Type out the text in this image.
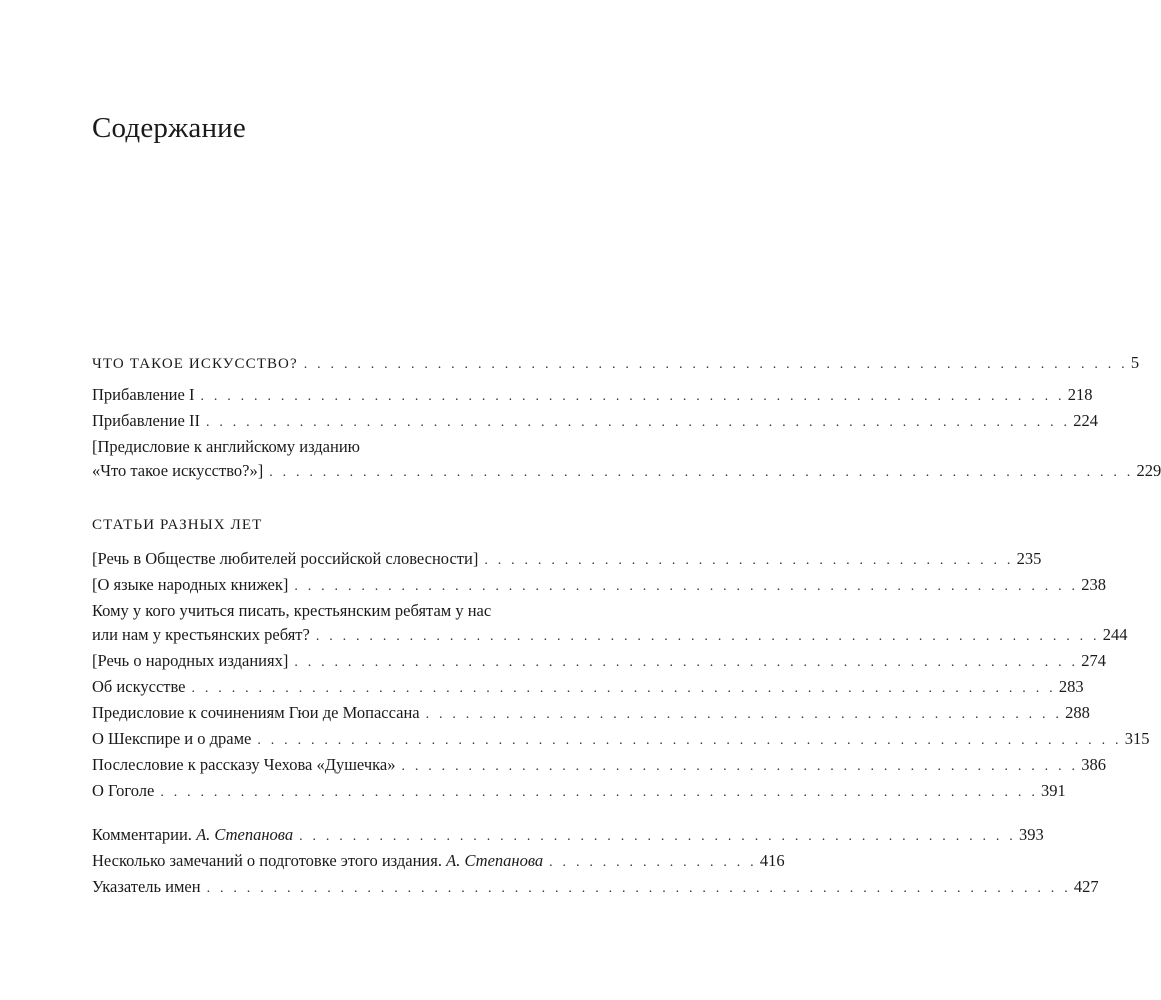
Содержание
ЧТО ТАКОЕ ИСКУССТВО? . . . . . . . . . . . . . . . . . . . . . . . . . . . . . . . . . . . . . . . . . . . . . . . . . . . . . . . . . . . . . . 5
Прибавление I . . . . . . . . . . . . . . . . . . . . . . . . . . . . . . . . . . . . . . . . . . . . . . . . . . . . . . . . . . . . . . . . . 218
Прибавление II . . . . . . . . . . . . . . . . . . . . . . . . . . . . . . . . . . . . . . . . . . . . . . . . . . . . . . . . . . . . . . . . . 224
[Предисловие к английскому изданию
«Что такое искусство?»] . . . . . . . . . . . . . . . . . . . . . . . . . . . . . . . . . . . . . . . . . . . . . . . . . . . . . . . . . . . . . . . . . 229
СТАТЬИ РАЗНЫХ ЛЕТ
[Речь в Обществе любителей российской словесности] . . . . . . . . . . . . . . . . . . . . . . . . . . . . . . . . . . . . . . . . 235
[О языке народных книжек] . . . . . . . . . . . . . . . . . . . . . . . . . . . . . . . . . . . . . . . . . . . . . . . . . . . . . . . . . . . 238
Кому у кого учиться писать, крестьянским ребятам у нас
или нам у крестьянских ребят? . . . . . . . . . . . . . . . . . . . . . . . . . . . . . . . . . . . . . . . . . . . . . . . . . . . . . . . . . . . 244
[Речь о народных изданиях] . . . . . . . . . . . . . . . . . . . . . . . . . . . . . . . . . . . . . . . . . . . . . . . . . . . . . . . . . . . 274
Об искусстве . . . . . . . . . . . . . . . . . . . . . . . . . . . . . . . . . . . . . . . . . . . . . . . . . . . . . . . . . . . . . . . . . 283
Предисловие к сочинениям Гюи де Мопассана . . . . . . . . . . . . . . . . . . . . . . . . . . . . . . . . . . . . . . . . . . . . . . . . 288
О Шекспире и о драме . . . . . . . . . . . . . . . . . . . . . . . . . . . . . . . . . . . . . . . . . . . . . . . . . . . . . . . . . . . . . . . . . 315
Послесловие к рассказу Чехова «Душечка» . . . . . . . . . . . . . . . . . . . . . . . . . . . . . . . . . . . . . . . . . . . . . . . . . . . 386
О Гоголе . . . . . . . . . . . . . . . . . . . . . . . . . . . . . . . . . . . . . . . . . . . . . . . . . . . . . . . . . . . . . . . . . . 391
Комментарии. А. Степанова . . . . . . . . . . . . . . . . . . . . . . . . . . . . . . . . . . . . . . . . . . . . . . . . . . . . . . 393
Несколько замечаний о подготовке этого издания. А. Степанова . . . . . . . . . . . . . . . . 416
Указатель имен . . . . . . . . . . . . . . . . . . . . . . . . . . . . . . . . . . . . . . . . . . . . . . . . . . . . . . . . . . . . . . . . . 427
